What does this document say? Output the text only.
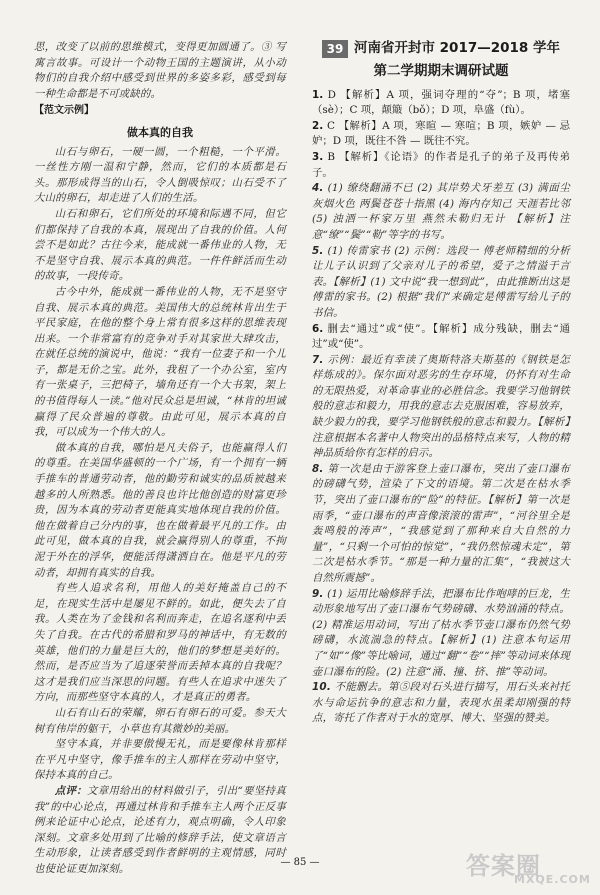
思，改变了以前的思维模式，变得更加圆通了。③ 写寓言故事。可设计一个动物王国的主题演讲，从小动物们的自我介绍中感受到世界的多姿多彩，感受到每一种生命都是不可或缺的。

【范文示例】
做本真的自我

山石与卵石，一硬一圆，一个粗糙，一个平滑。一丝性方刚一温和宁静，然而，它们的本质都是石头。那形成得当的山石，令人倒吸惊叹；山石受不了大山的卵石，却走进了人们的生活。

山石和卵石，它们所处的环境和际遇不同，但它们都保持了自我的本真，展现出了自我的价值。人何尝不是如此？古往今来，能成就一番伟业的人物，无不是坚守自我、展示本真的典范。一件件鲜活而生动的故事，一段传奇。

古今中外，能成就一番伟业的人物，无不是坚守自我、展示本真的典范。美国伟大的总统林肯出生于平民家庭，在他的整个身上常有很多这样的思维表现出来。一个非常富有的竞争对手对其家世大肆攻击，在就任总统的演说中，他说：“我有一位妻子和一个儿子，都是无价之宝。此外，我租了一个办公室，室内有一张桌子，三把椅子，墙角还有一个大书架，架上的书值得每人一读。”他对民众总是坦诚，“林肯的坦诚赢得了民众普遍的尊敬。由此可见，展示本真的自我，可以成为一个伟大的人。

做本真的自我，哪怕是凡夫俗子，也能赢得人们的尊重。在美国华盛顿的一个广场，有一个拥有一辆手推车的普通劳动者，他的勤劳和诚实的品质被越来越多的人所熟悉。他的善良也许比他创造的财富更珍贵，因为本真的劳动者更能真实地体现自我的价值。他在做着自己分内的事，也在做着最平凡的工作。由此可见，做本真的自我，就会赢得别人的尊重，不拘泥于外在的浮华，便能活得潇洒自在。他是平凡的劳动者，却拥有真实的自我。

有些人追求名利，用他人的美好掩盖自己的不足，在现实生活中是屡见不鲜的。如此，便失去了自我。人类在为了金钱和名利而奔走，在追名逐利中丢失了自我。在古代的希腊和罗马的神话中，有无数的英雄，他们的力量是巨大的，他们的梦想是美好的。然而，是否应当为了追逐荣誉而丢掉本真的自我呢？这才是我们应当深思的问题。有些人在追求中迷失了方向，而那些坚守本真的人，才是真正的勇者。

山石有山石的荣耀，卵石有卵石的可爱。参天大树有伟岸的躯干，小草也有其微妙的美丽。

坚守本真，并非要傲慢无礼，而是要像林肯那样在平凡中坚守，像手推车的主人那样在劳动中坚守，保持本真的自己。

点评：文章用给出的材料做引子，引出“要坚持真我”的中心论点，再通过林肯和手推车主人两个正反事例来论证中心论点，论述有力，观点明确，令人印象深刻。文章多处用到了比喻的修辞手法，使文章语言生动形象，让读者感受到作者鲜明的主观情感，同时也使论证更加深刻。

39 河南省开封市 2017—2018 学年
第二学期期末调研试题

1. D 【解析】A 项，强词夺理的“夺”；B 项，堵塞（sè）；C 项，颠簸（bǒ）；D 项，阜盛（fù）。

2. C 【解析】A 项，寒暄 — 寒喧；B 项，嫉妒 — 忌妒；D 项，既往不咎 — 既往不究。

3. B 【解析】《论语》的作者是孔子的弟子及再传弟子。

4. (1) 缭绕翻涌不已 (2) 其岸势犬牙差互 (3) 满面尘灰烟火色 两鬓苍苍十指黑 (4) 海内存知己 天涯若比邻 (5) 浊酒一杯家万里 燕然未勒归无计 【解析】注意“缭”“鬓”“勒”等字的书写。

5. (1) 传雷家书 (2) 示例：选段一 傅老师精细的分析让儿子认识到了父亲对儿子的希望，爱子之情溢于言表。【解析】(1) 文中说“我一想到此”，由此推断出这是傅雷的家书。(2) 根据“我们”来确定是傅雷写给儿子的书信。

6. 删去“通过”或“使”。【解析】成分残缺，删去“通过”或“使”。

7. 示例：最近有幸读了奥斯特洛夫斯基的《钢铁是怎样炼成的》。保尔面对恶劣的生存环境，仍怀有对生命的无限热爱，对革命事业的必胜信念。我要学习他钢铁般的意志和毅力，用我的意志去克服困难，容易放弃，缺少毅力的我，要学习他钢铁般的意志和毅力。【解析】注意根据本名著中人物突出的品格特点来写，人物的精神品质给你有怎样的启示。

8. 第一次是由于游客登上壶口瀑布，突出了壶口瀑布的磅礴气势，渲染了下文的语境。第二次是在枯水季节，突出了壶口瀑布的“险”的特征。【解析】第一次是雨季，“壶口瀑布的声音像滚滚的雷声”，“河谷里全是轰鸣般的涛声”，“我感觉到了那种来自大自然的力量”，“只剩一个可怕的惊觉”，“我仍然惊魂未定”，第二次是枯水季节。“那是一种力量的汇集”，“我被这大自然所震撼”。

9. (1) 运用比喻修辞手法，把瀑布比作咆哮的巨龙，生动形象地写出了壶口瀑布气势磅礴、水势汹涌的特点。(2) 精准运用动词，写出了枯水季节壶口瀑布仍然气势磅礴，水流湍急的特点。【解析】(1) 注意本句运用了“如”“像”等比喻词，通过“翻”“卷”“摔”等动词来体现壶口瀑布的险。(2) 注意“涌、撞、挤、推”等动词。

10. 不能删去。第⑤段对石头进行描写，用石头来衬托水与命运抗争的意志和力量，表现水虽柔却刚强的特点，寄托了作者对于水的宽厚、博大、坚强的赞美。

— 85 —	答案圈
MXQE.COM
